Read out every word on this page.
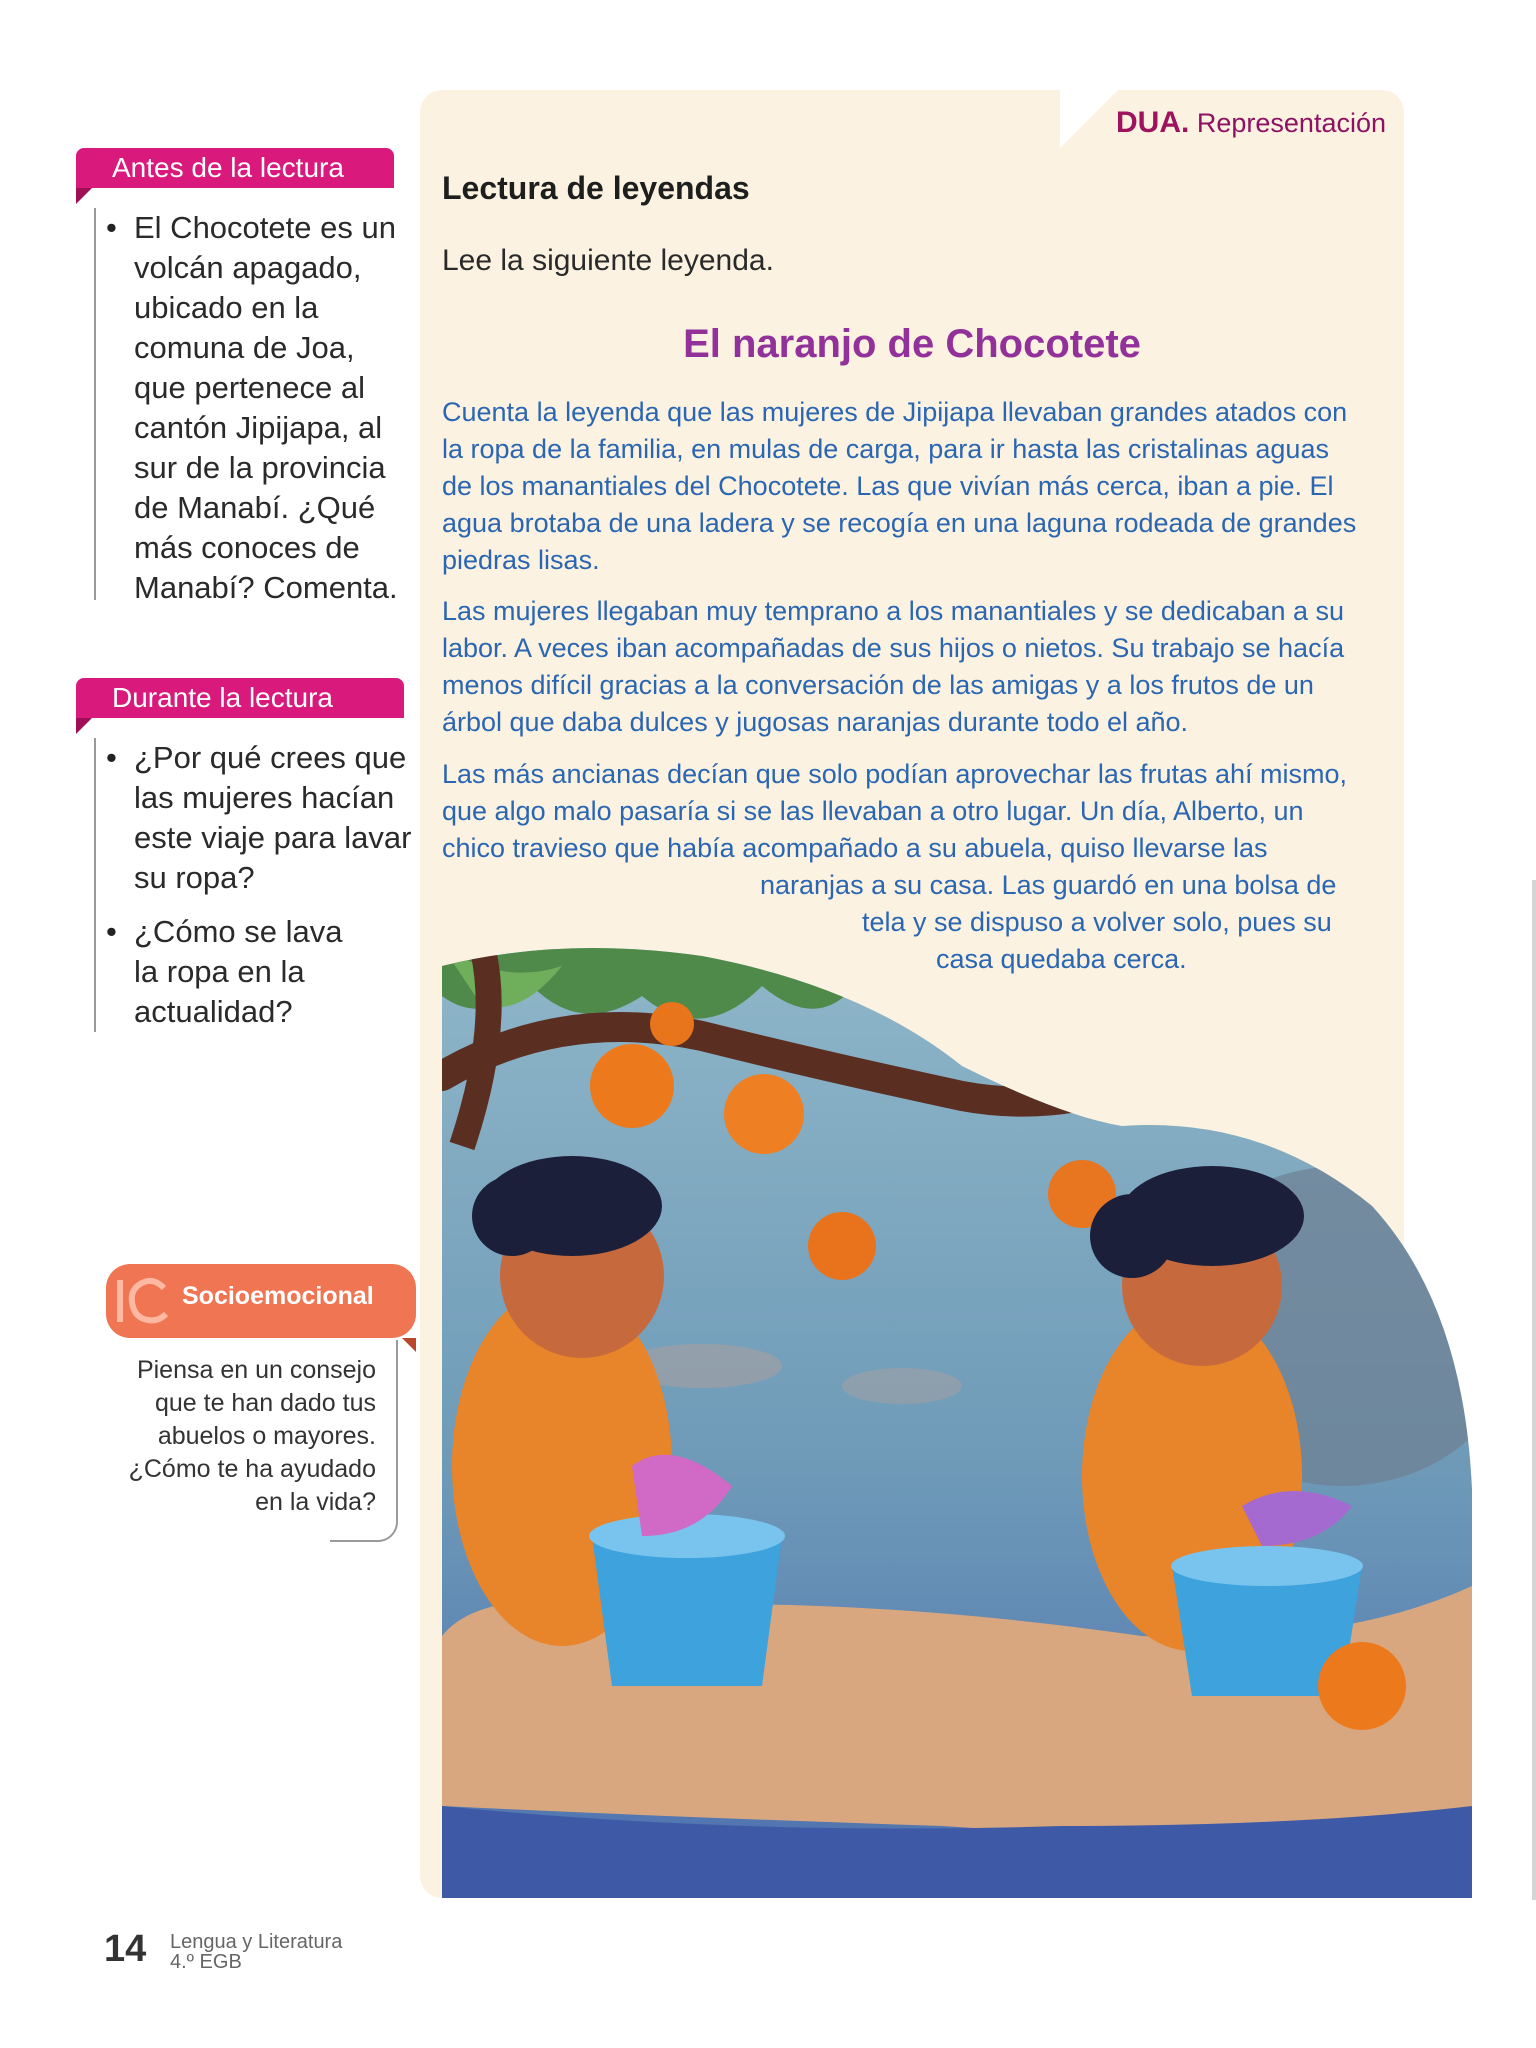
Antes de la lectura
• El Chocotete es un
volcán apagado,
ubicado en la
comuna de Joa,
que pertenece al
cantón Jipijapa, al
sur de la provincia
de Manabí. ¿Qué
más conoces de
Manabí? Comenta.
Durante la lectura
• ¿Por qué crees que
las mujeres hacían
este viaje para lavar
su ropa?
• ¿Cómo se lava
la ropa en la
actualidad?
DUA. Representación
Lectura de leyendas
Lee la siguiente leyenda.
El naranjo de Chocotete
Cuenta la leyenda que las mujeres de Jipijapa llevaban grandes atados con
la ropa de la familia, en mulas de carga, para ir hasta las cristalinas aguas
de los manantiales del Chocotete. Las que vivían más cerca, iban a pie. El
agua brotaba de una ladera y se recogía en una laguna rodeada de grandes
piedras lisas.
Las mujeres llegaban muy temprano a los manantiales y se dedicaban a su
labor. A veces iban acompañadas de sus hijos o nietos. Su trabajo se hacía
menos difícil gracias a la conversación de las amigas y a los frutos de un
árbol que daba dulces y jugosas naranjas durante todo el año.
Las más ancianas decían que solo podían aprovechar las frutas ahí mismo,
que algo malo pasaría si se las llevaban a otro lugar. Un día, Alberto, un
chico travieso que había acompañado a su abuela, quiso llevarse las
naranjas a su casa. Las guardó en una bolsa de
tela y se dispuso a volver solo, pues su
casa quedaba cerca.
Socioemocional
Piensa en un consejo
que te han dado tus
abuelos o mayores.
¿Cómo te ha ayudado
en la vida?
14 Lengua y Literatura
4.º EGB
